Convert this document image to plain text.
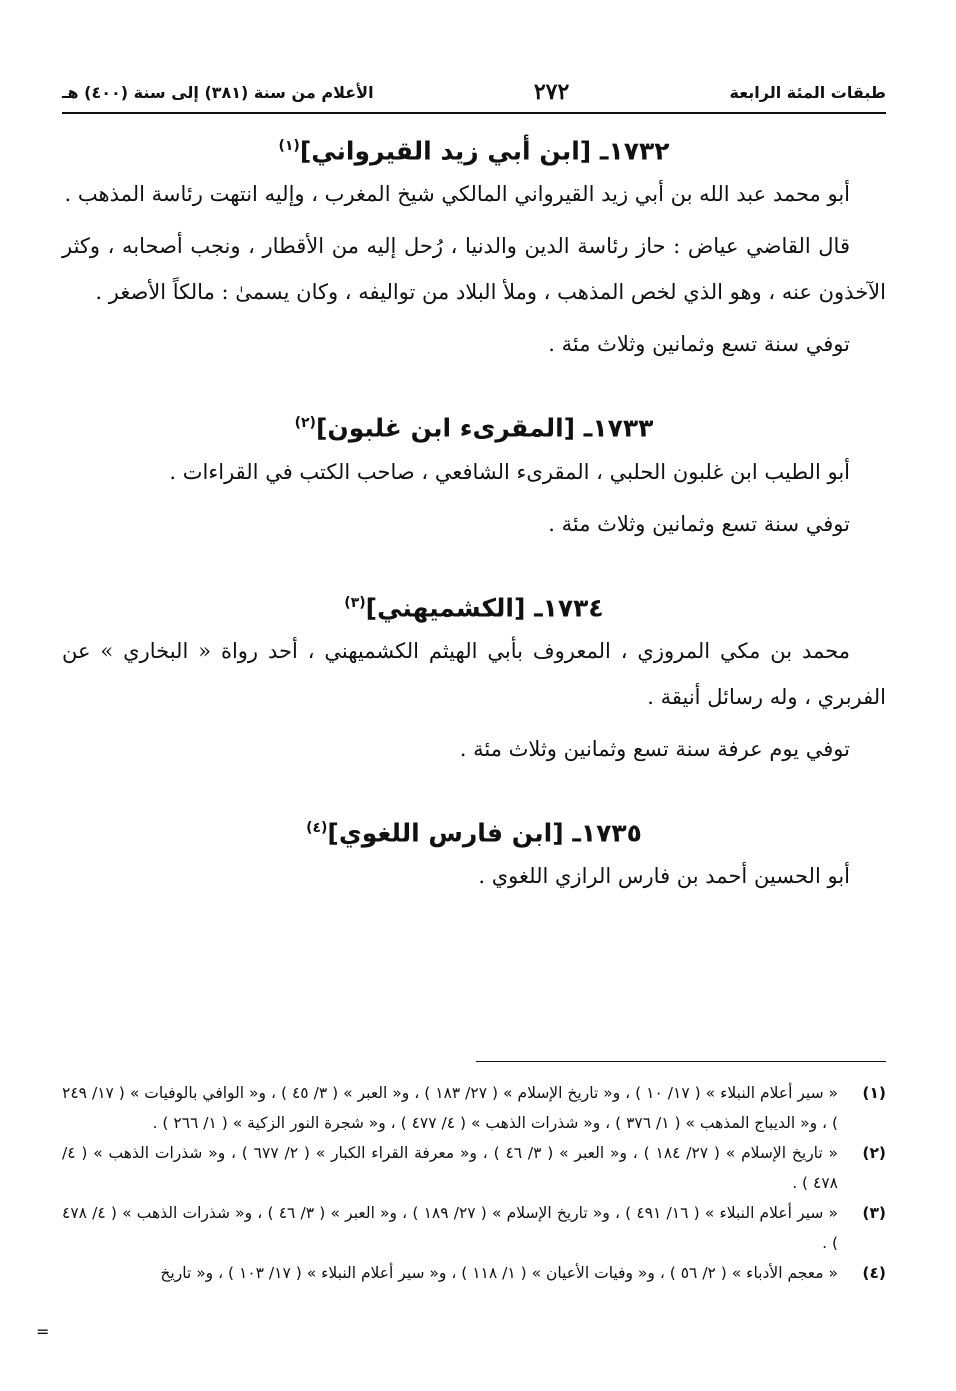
طبقات المئة الرابعة
٢٧٢
الأعلام من سنة (٣٨١) إلى سنة (٤٠٠) هـ
١٧٣٢ـ [ابن أبي زيد القيرواني]$^{(١)}$

أبو محمد عبد الله بن أبي زيد القيرواني المالكي شيخ المغرب ، وإليه انتهت رئاسة المذهب .

قال القاضي عياض : حاز رئاسة الدين والدنيا ، رُحل إليه من الأقطار ، ونجب أصحابه ، وكثر الآخذون عنه ، وهو الذي لخص المذهب ، وملأ البلاد من تواليفه ، وكان يسمىٰ : مالكاً الأصغر .

توفي سنة تسع وثمانين وثلاث مئة .

١٧٣٣ـ [المقرىء ابن غلبون]$^{(٢)}$

أبو الطيب ابن غلبون الحلبي ، المقرىء الشافعي ، صاحب الكتب في القراءات .

توفي سنة تسع وثمانين وثلاث مئة .

١٧٣٤ـ [الكشميهني]$^{(٣)}$

محمد بن مكي المروزي ، المعروف بأبي الهيثم الكشميهني ، أحد رواة « البخاري » عن الفربري ، وله رسائل أنيقة .

توفي يوم عرفة سنة تسع وثمانين وثلاث مئة .

١٧٣٥ـ [ابن فارس اللغوي]$^{(٤)}$

أبو الحسين أحمد بن فارس الرازي اللغوي .

(١)
« سير أعلام النبلاء » ( ١٧/ ١٠ ) ، و« تاريخ الإسلام » ( ٢٧/ ١٨٣ ) ، و« العبر » ( ٣/ ٤٥ ) ، و« الوافي بالوفيات » ( ١٧/ ٢٤٩ ) ، و« الديباج المذهب » ( ١/ ٣٧٦ ) ، و« شذرات الذهب » ( ٤/ ٤٧٧ ) ، و« شجرة النور الزكية » ( ١/ ٢٦٦ ) .
(٢)
« تاريخ الإسلام » ( ٢٧/ ١٨٤ ) ، و« العبر » ( ٣/ ٤٦ ) ، و« معرفة القراء الكبار » ( ٢/ ٦٧٧ ) ، و« شذرات الذهب » ( ٤/ ٤٧٨ ) .
(٣)
« سير أعلام النبلاء » ( ١٦/ ٤٩١ ) ، و« تاريخ الإسلام » ( ٢٧/ ١٨٩ ) ، و« العبر » ( ٣/ ٤٦ ) ، و« شذرات الذهب » ( ٤/ ٤٧٨ ) .
(٤)
« معجم الأدباء » ( ٢/ ٥٦ ) ، و« وفيات الأعيان » ( ١/ ١١٨ ) ، و« سير أعلام النبلاء » ( ١٧/ ١٠٣ ) ، و« تاريخ
=
